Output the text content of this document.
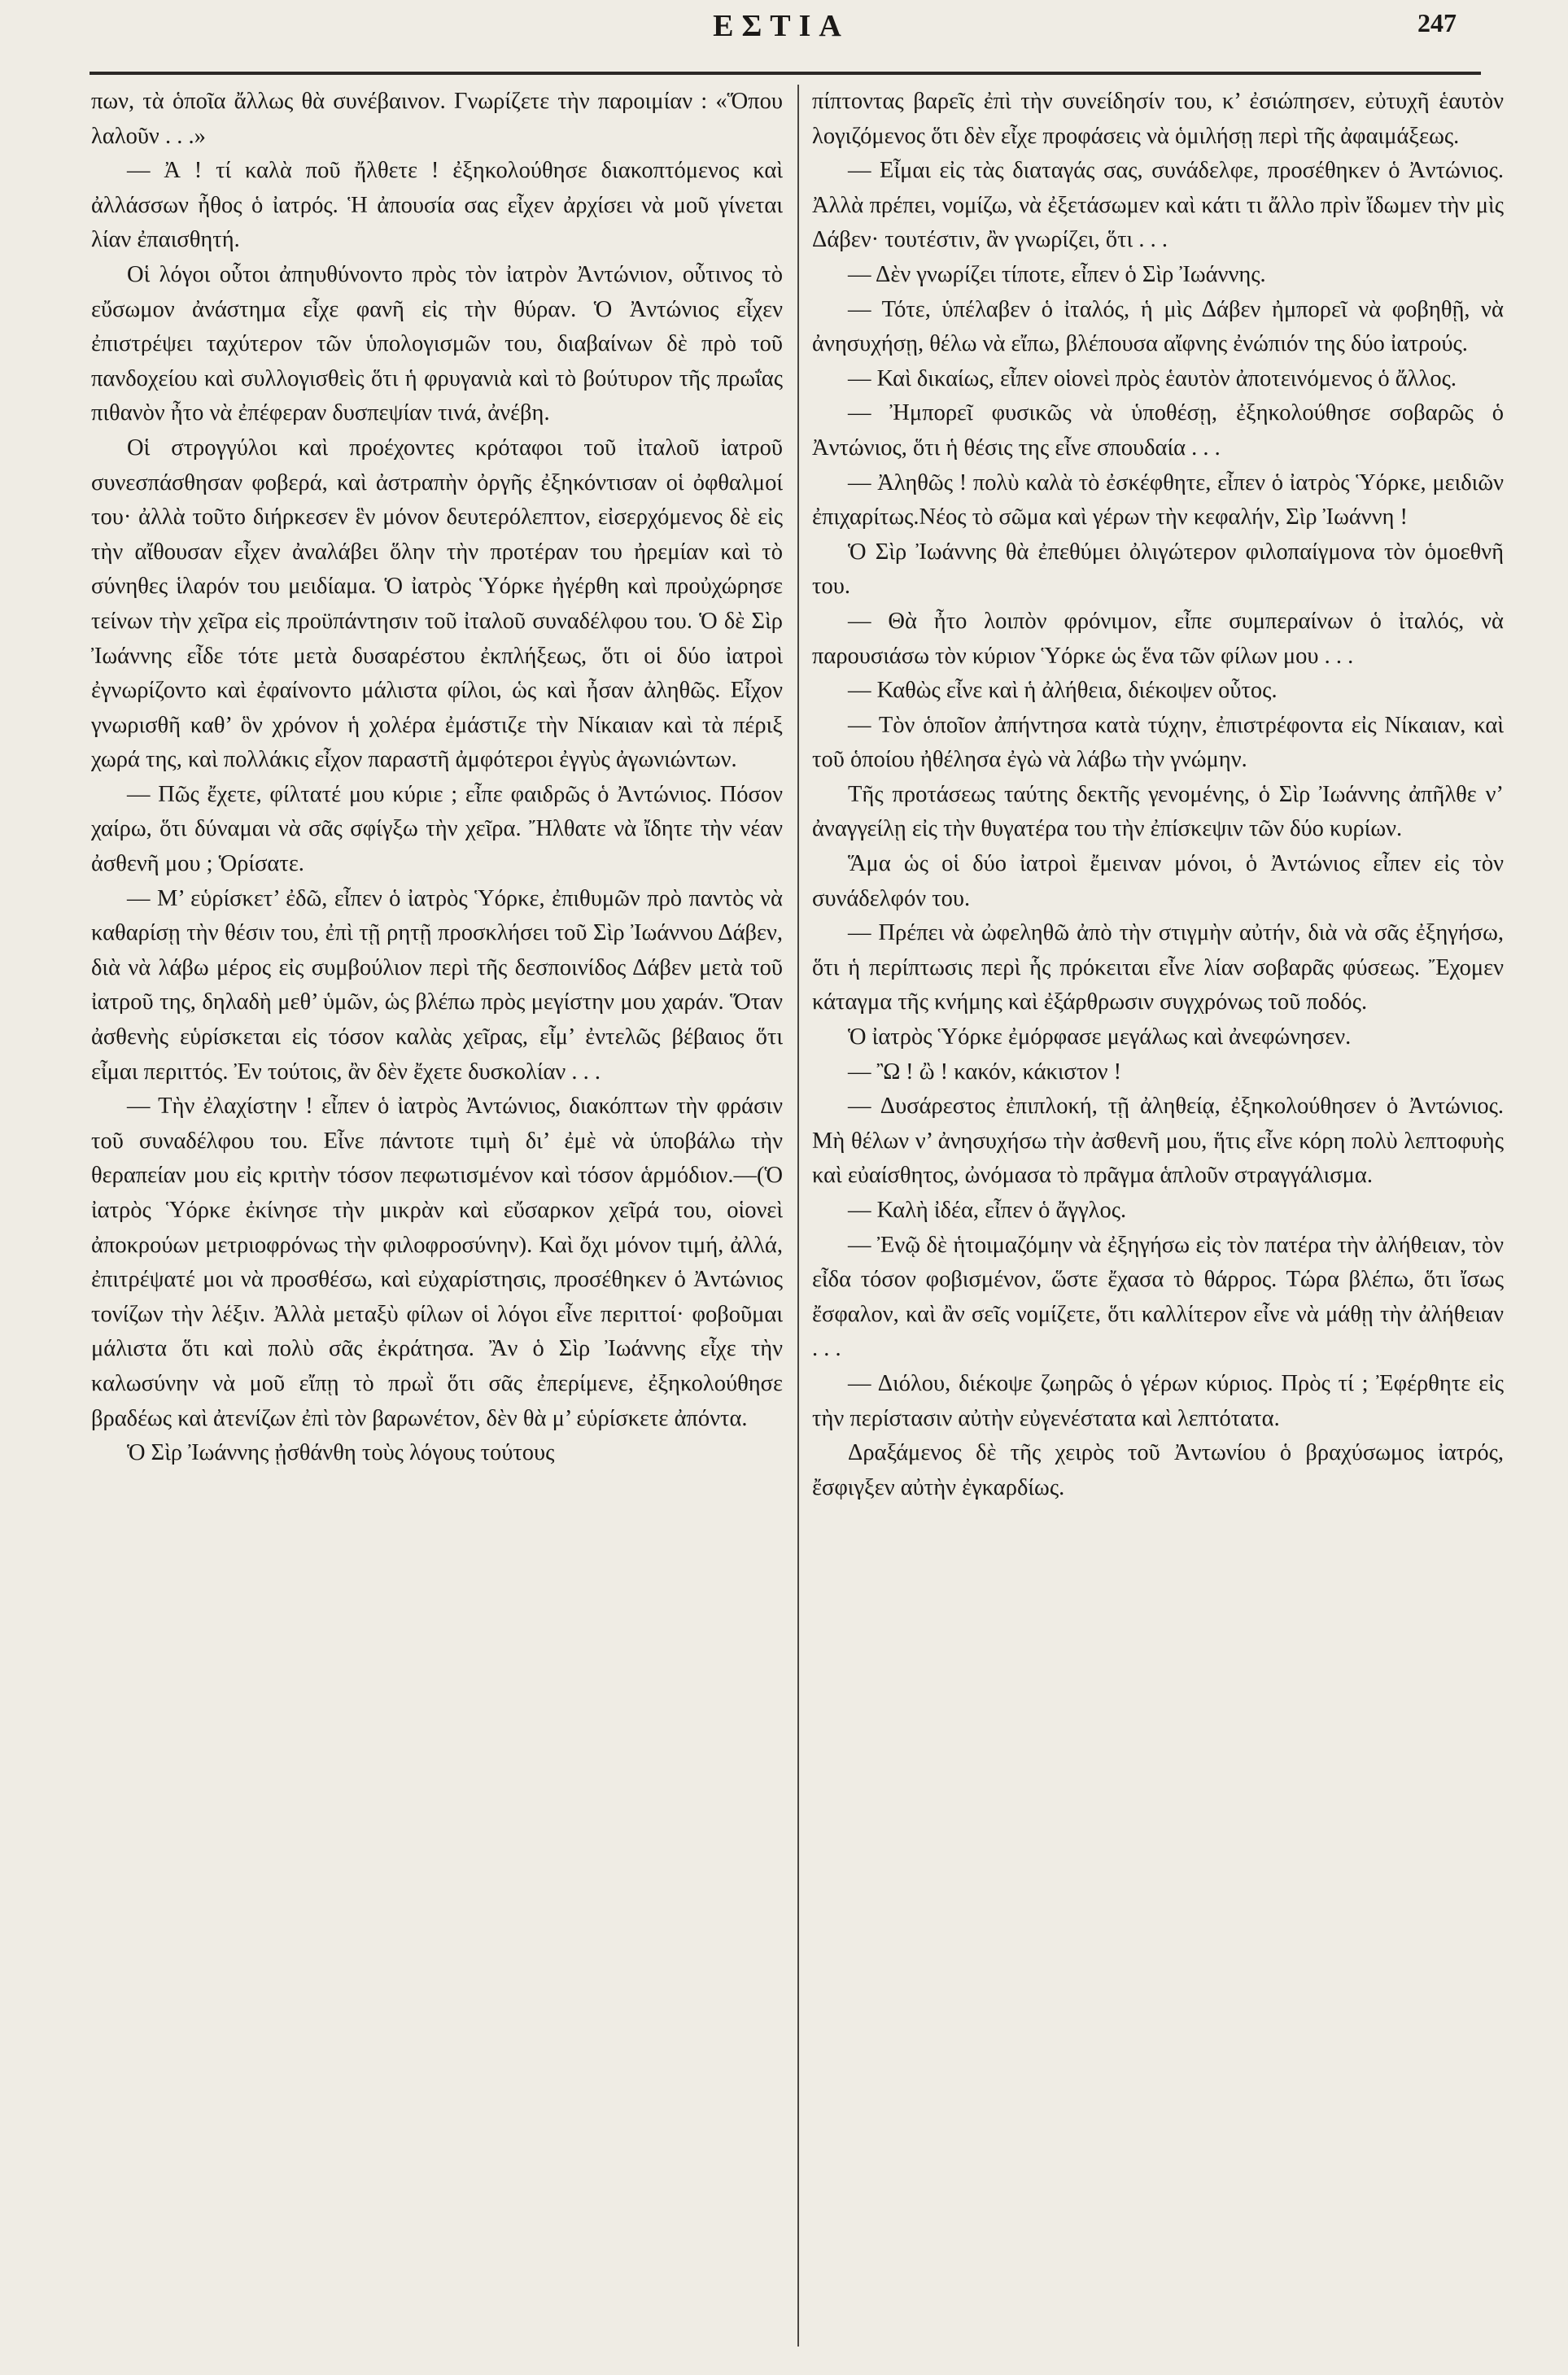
ΕΣΤΙΑ	247

πων, τὰ ὁποῖα ἄλλως θὰ συνέβαινον. Γνωρίζετε τὴν παροιμίαν : «Ὅπου λαλοῦν . . .»

— Ἀ ! τί καλὰ ποῦ ἤλθετε ! ἐξηκολούθησε διακοπτόμενος καὶ ἀλλάσσων ἦθος ὁ ἰατρός. Ἡ ἀπουσία σας εἶχεν ἀρχίσει νὰ μοῦ γίνεται λίαν ἐπαισθητή.

Οἱ λόγοι οὗτοι ἀπηυθύνοντο πρὸς τὸν ἰατρὸν Ἀντώνιον, οὗτινος τὸ εὔσωμον ἀνάστημα εἶχε φανῆ εἰς τὴν θύραν. Ὁ Ἀντώνιος εἶχεν ἐπιστρέψει ταχύτερον τῶν ὑπολογισμῶν του, διαβαίνων δὲ πρὸ τοῦ πανδοχείου καὶ συλλογισθεὶς ὅτι ἡ φρυγανιὰ καὶ τὸ βούτυρον τῆς πρωΐας πιθανὸν ἦτο νὰ ἐπέφεραν δυσπεψίαν τινά, ἀνέβη.

Οἱ στρογγύλοι καὶ προέχοντες κρόταφοι τοῦ ἰταλοῦ ἰατροῦ συνεσπάσθησαν φοβερά, καὶ ἀστραπὴν ὀργῆς ἐξηκόντισαν οἱ ὀφθαλμοί του· ἀλλὰ τοῦτο διήρκεσεν ἓν μόνον δευτερόλεπτον, εἰσερχόμενος δὲ εἰς τὴν αἴθουσαν εἶχεν ἀναλάβει ὅλην τὴν προτέραν του ἠρεμίαν καὶ τὸ σύνηθες ἱλαρόν του μειδίαμα. Ὁ ἰατρὸς Ὑόρκε ἠγέρθη καὶ προὐχώρησε τείνων τὴν χεῖρα εἰς προϋπάντησιν τοῦ ἰταλοῦ συναδέλφου του. Ὁ δὲ Σὶρ Ἰωάννης εἶδε τότε μετὰ δυσαρέστου ἐκπλήξεως, ὅτι οἱ δύο ἰατροὶ ἐγνωρίζοντο καὶ ἐφαίνοντο μάλιστα φίλοι, ὡς καὶ ἦσαν ἀληθῶς. Εἶχον γνωρισθῆ καθ’ ὃν χρόνον ἡ χολέρα ἐμάστιζε τὴν Νίκαιαν καὶ τὰ πέριξ χωρά της, καὶ πολλάκις εἶχον παραστῆ ἀμφότεροι ἐγγὺς ἀγωνιώντων.

— Πῶς ἔχετε, φίλτατέ μου κύριε ; εἶπε φαιδρῶς ὁ Ἀντώνιος. Πόσον χαίρω, ὅτι δύναμαι νὰ σᾶς σφίγξω τὴν χεῖρα. Ἤλθατε νὰ ἴδητε τὴν νέαν ἀσθενῆ μου ; Ὁρίσατε.

— Μ’ εὑρίσκετ’ ἐδῶ, εἶπεν ὁ ἰατρὸς Ὑόρκε, ἐπιθυμῶν πρὸ παντὸς νὰ καθαρίσῃ τὴν θέσιν του, ἐπὶ τῇ ρητῇ προσκλήσει τοῦ Σὶρ Ἰωάννου Δάβεν, διὰ νὰ λάβω μέρος εἰς συμβούλιον περὶ τῆς δεσποινίδος Δάβεν μετὰ τοῦ ἰατροῦ της, δηλαδὴ μεθ’ ὑμῶν, ὡς βλέπω πρὸς μεγίστην μου χαράν. Ὅταν ἀσθενὴς εὑρίσκεται εἰς τόσον καλὰς χεῖρας, εἶμ’ ἐντελῶς βέβαιος ὅτι εἶμαι περιττός. Ἐν τούτοις, ἂν δὲν ἔχετε δυσκολίαν . . .

— Τὴν ἐλαχίστην ! εἶπεν ὁ ἰατρὸς Ἀντώνιος, διακόπτων τὴν φράσιν τοῦ συναδέλφου του. Εἶνε πάντοτε τιμὴ δι’ ἐμὲ νὰ ὑποβάλω τὴν θεραπείαν μου εἰς κριτὴν τόσον πεφωτισμένον καὶ τόσον ἁρμόδιον.—(Ὁ ἰατρὸς Ὑόρκε ἐκίνησε τὴν μικρὰν καὶ εὔσαρκον χεῖρά του, οἱονεὶ ἀποκρούων μετριοφρόνως τὴν φιλοφροσύνην). Καὶ ὄχι μόνον τιμή, ἀλλά, ἐπιτρέψατέ μοι νὰ προσθέσω, καὶ εὐχαρίστησις, προσέθηκεν ὁ Ἀντώνιος τονίζων τὴν λέξιν. Ἀλλὰ μεταξὺ φίλων οἱ λόγοι εἶνε περιττοί· φοβοῦμαι μάλιστα ὅτι καὶ πολὺ σᾶς ἐκράτησα. Ἂν ὁ Σὶρ Ἰωάννης εἶχε τὴν καλωσύνην νὰ μοῦ εἴπῃ τὸ πρωῒ ὅτι σᾶς ἐπερίμενε, ἐξηκολούθησε βραδέως καὶ ἀτενίζων ἐπὶ τὸν βαρωνέτον, δὲν θὰ μ’ εὑρίσκετε ἀπόντα.

Ὁ Σὶρ Ἰωάννης ᾐσθάνθη τοὺς λόγους τούτους

πίπτοντας βαρεῖς ἐπὶ τὴν συνείδησίν του, κ’ ἐσιώπησεν, εὐτυχῆ ἑαυτὸν λογιζόμενος ὅτι δὲν εἶχε προφάσεις νὰ ὁμιλήσῃ περὶ τῆς ἀφαιμάξεως.

— Εἶμαι εἰς τὰς διαταγάς σας, συνάδελφε, προσέθηκεν ὁ Ἀντώνιος. Ἀλλὰ πρέπει, νομίζω, νὰ ἐξετάσωμεν καὶ κάτι τι ἄλλο πρὶν ἴδωμεν τὴν μὶς Δάβεν· τουτέστιν, ἂν γνωρίζει, ὅτι . . .

— Δὲν γνωρίζει τίποτε, εἶπεν ὁ Σὶρ Ἰωάννης.

— Τότε, ὑπέλαβεν ὁ ἰταλός, ἡ μὶς Δάβεν ἠμπορεῖ νὰ φοβηθῇ, νὰ ἀνησυχήσῃ, θέλω νὰ εἴπω, βλέπουσα αἴφνης ἐνώπιόν της δύο ἰατρούς.

— Καὶ δικαίως, εἶπεν οἱονεὶ πρὸς ἑαυτὸν ἀποτεινόμενος ὁ ἄλλος.

— Ἠμπορεῖ φυσικῶς νὰ ὑποθέσῃ, ἐξηκολούθησε σοβαρῶς ὁ Ἀντώνιος, ὅτι ἡ θέσις της εἶνε σπουδαία . . .

— Ἀληθῶς ! πολὺ καλὰ τὸ ἐσκέφθητε, εἶπεν ὁ ἰατρὸς Ὑόρκε, μειδιῶν ἐπιχαρίτως.Νέος τὸ σῶμα καὶ γέρων τὴν κεφαλήν, Σὶρ Ἰωάννη !

Ὁ Σὶρ Ἰωάννης θὰ ἐπεθύμει ὀλιγώτερον φιλοπαίγμονα τὸν ὁμοεθνῆ του.

— Θὰ ἦτο λοιπὸν φρόνιμον, εἶπε συμπεραίνων ὁ ἰταλός, νὰ παρουσιάσω τὸν κύριον Ὑόρκε ὡς ἕνα τῶν φίλων μου . . .

— Καθὼς εἶνε καὶ ἡ ἀλήθεια, διέκοψεν οὗτος.

— Τὸν ὁποῖον ἀπήντησα κατὰ τύχην, ἐπιστρέφοντα εἰς Νίκαιαν, καὶ τοῦ ὁποίου ἠθέλησα ἐγὼ νὰ λάβω τὴν γνώμην.

Τῆς προτάσεως ταύτης δεκτῆς γενομένης, ὁ Σὶρ Ἰωάννης ἀπῆλθε ν’ ἀναγγείλῃ εἰς τὴν θυγατέρα του τὴν ἐπίσκεψιν τῶν δύο κυρίων.

Ἅμα ὡς οἱ δύο ἰατροὶ ἔμειναν μόνοι, ὁ Ἀντώνιος εἶπεν εἰς τὸν συνάδελφόν του.

— Πρέπει νὰ ὠφεληθῶ ἀπὸ τὴν στιγμὴν αὐτήν, διὰ νὰ σᾶς ἐξηγήσω, ὅτι ἡ περίπτωσις περὶ ἧς πρόκειται εἶνε λίαν σοβαρᾶς φύσεως. Ἔχομεν κάταγμα τῆς κνήμης καὶ ἐξάρθρωσιν συγχρόνως τοῦ ποδός.

Ὁ ἰατρὸς Ὑόρκε ἐμόρφασε μεγάλως καὶ ἀνεφώνησεν.

— Ὢ ! ὢ ! κακόν, κάκιστον !

— Δυσάρεστος ἐπιπλοκή, τῇ ἀληθείᾳ, ἐξηκολούθησεν ὁ Ἀντώνιος. Μὴ θέλων ν’ ἀνησυχήσω τὴν ἀσθενῆ μου, ἥτις εἶνε κόρη πολὺ λεπτοφυὴς καὶ εὐαίσθητος, ὠνόμασα τὸ πρᾶγμα ἁπλοῦν στραγγάλισμα.

— Καλὴ ἰδέα, εἶπεν ὁ ἄγγλος.

— Ἐνῷ δὲ ἡτοιμαζόμην νὰ ἐξηγήσω εἰς τὸν πατέρα τὴν ἀλήθειαν, τὸν εἶδα τόσον φοβισμένον, ὥστε ἔχασα τὸ θάρρος. Τώρα βλέπω, ὅτι ἴσως ἔσφαλον, καὶ ἂν σεῖς νομίζετε, ὅτι καλλίτερον εἶνε νὰ μάθῃ τὴν ἀλήθειαν . . .

— Διόλου, διέκοψε ζωηρῶς ὁ γέρων κύριος. Πρὸς τί ; Ἐφέρθητε εἰς τὴν περίστασιν αὐτὴν εὐγενέστατα καὶ λεπτότατα.

Δραξάμενος δὲ τῆς χειρὸς τοῦ Ἀντωνίου ὁ βραχύσωμος ἰατρός, ἔσφιγξεν αὐτὴν ἐγκαρδίως.
